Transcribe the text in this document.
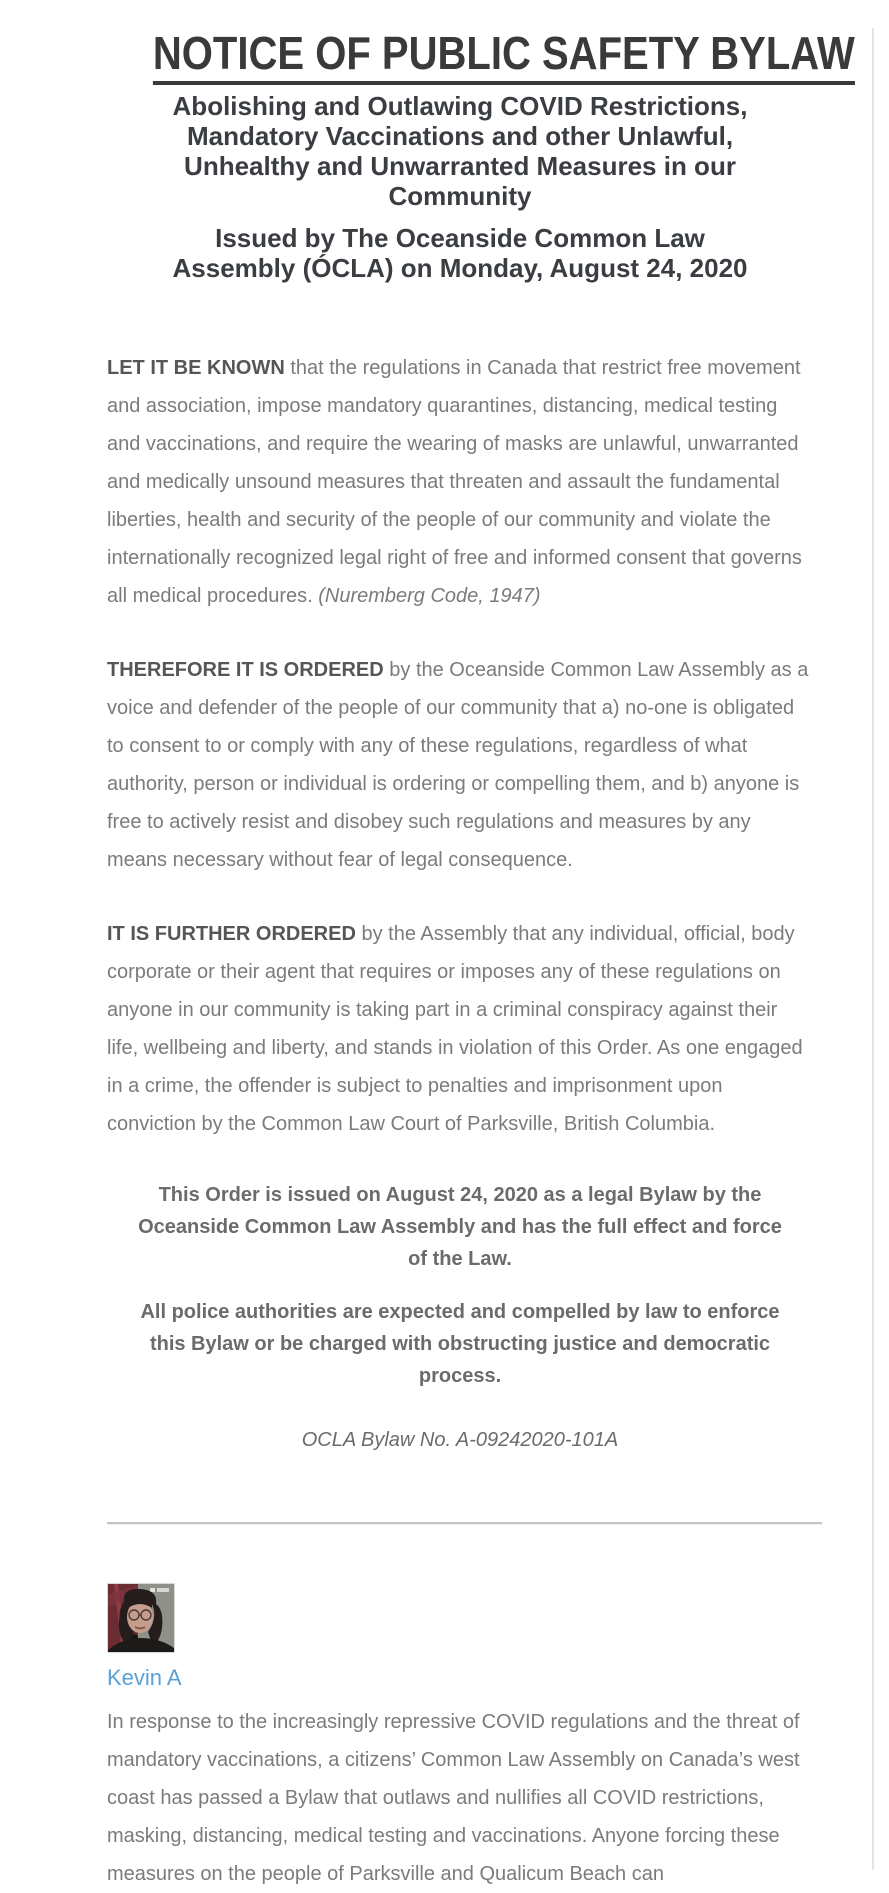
NOTICE OF PUBLIC SAFETY BYLAW
Abolishing and Outlawing COVID Restrictions,
Mandatory Vaccinations and other Unlawful,
Unhealthy and Unwarranted Measures in our
Community
Issued by The Oceanside Common Law
Assembly (ÓCLA) on Monday, August 24, 2020

LET IT BE KNOWN that the regulations in Canada that restrict free movement and association, impose mandatory quarantines, distancing, medical testing and vaccinations, and require the wearing of masks are unlawful, unwarranted and medically unsound measures that threaten and assault the fundamental liberties, health and security of the people of our community and violate the internationally recognized legal right of free and informed consent that governs all medical procedures. (Nuremberg Code, 1947)

THEREFORE IT IS ORDERED by the Oceanside Common Law Assembly as a voice and defender of the people of our community that a) no-one is obligated to consent to or comply with any of these regulations, regardless of what authority, person or individual is ordering or compelling them, and b) anyone is free to actively resist and disobey such regulations and measures by any means necessary without fear of legal consequence.

IT IS FURTHER ORDERED by the Assembly that any individual, official, body corporate or their agent that requires or imposes any of these regulations on anyone in our community is taking part in a criminal conspiracy against their life, wellbeing and liberty, and stands in violation of this Order. As one engaged in a crime, the offender is subject to penalties and imprisonment upon conviction by the Common Law Court of Parksville, British Columbia.

This Order is issued on August 24, 2020 as a legal Bylaw by the Oceanside Common Law Assembly and has the full effect and force of the Law.

All police authorities are expected and compelled by law to enforce this Bylaw or be charged with obstructing justice and democratic process.

OCLA Bylaw No. A-09242020-101A

Kevin A

In response to the increasingly repressive COVID regulations and the threat of mandatory vaccinations, a citizens’ Common Law Assembly on Canada’s west coast has passed a Bylaw that outlaws and nullifies all COVID restrictions, masking, distancing, medical testing and vaccinations. Anyone forcing these measures on the people of Parksville and Qualicum Beach can
